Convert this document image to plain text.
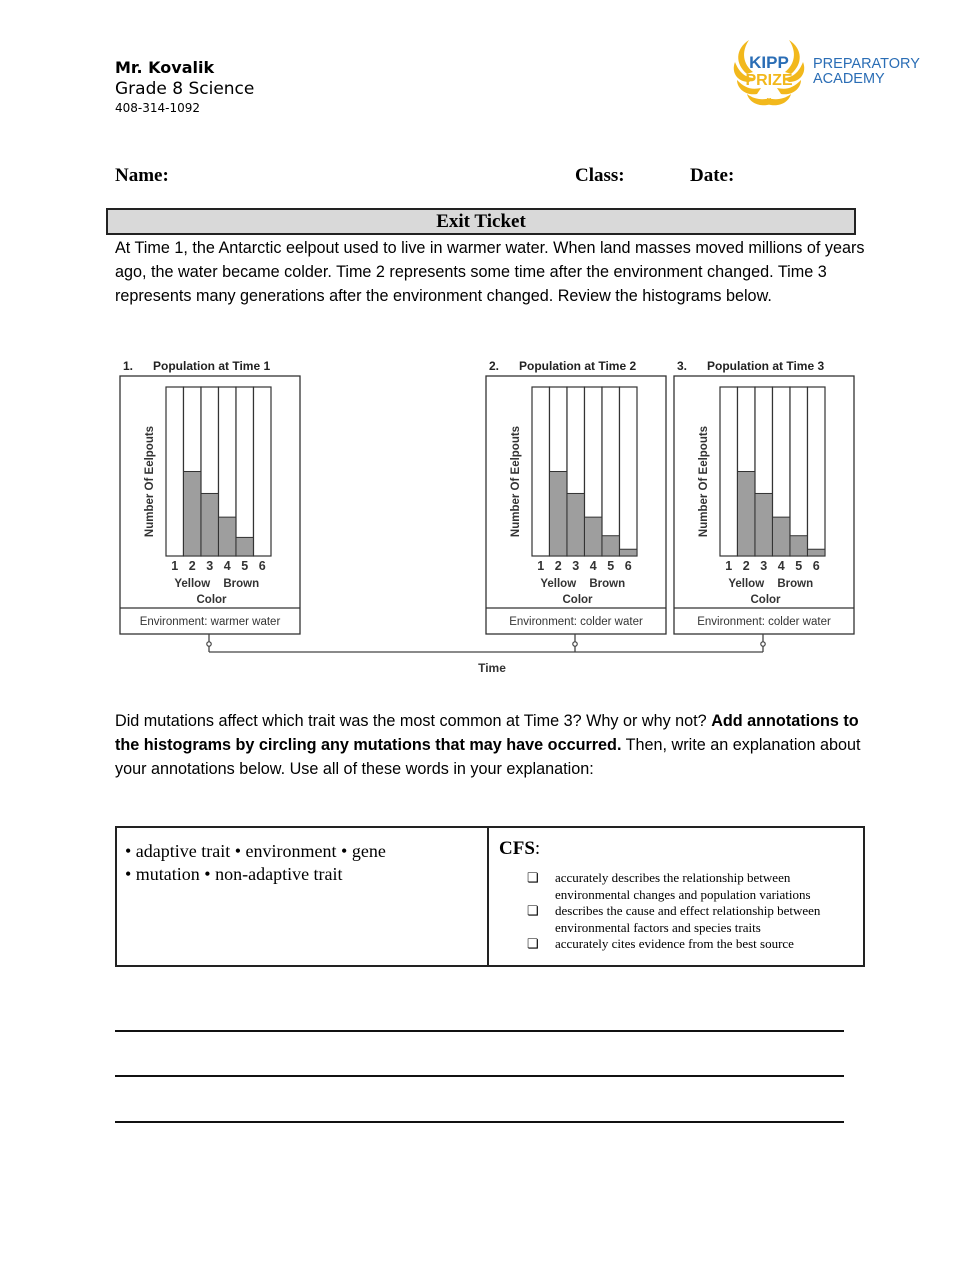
Mr. Kovalik
Grade 8 Science
408-314-1092
KIPP
PRIZE
PREPARATORY
ACADEMY
Name:	Class:	Date:
Exit Ticket
At Time 1, the Antarctic eelpout used to live in warmer water. When land masses moved millions of years ago, the water became colder. Time 2 represents some time after the environment changed. Time 3 represents many generations after the environment changed. Review the histograms below.
1. Population at Time 1
Environment: warmer water
Number Of Eelpouts
1 2 3 4 5 6
Yellow Brown
Color
2. Population at Time 2
Environment: colder water
Number Of Eelpouts
1 2 3 4 5 6
Yellow Brown
Color
3. Population at Time 3
Environment: colder water
Number Of Eelpouts
1 2 3 4 5 6
Yellow Brown
Color
Time
Did mutations affect which trait was the most common at Time 3? Why or why not? Add annotations to the histograms by circling any mutations that may have occurred. Then, write an explanation about your annotations below. Use all of these words in your explanation:
• adaptive trait • environment • gene
• mutation • non-adaptive trait
CFS:
❏ accurately describes the relationship between environmental changes and population variations
❏ describes the cause and effect relationship between environmental factors and species traits
❏ accurately cites evidence from the best source
